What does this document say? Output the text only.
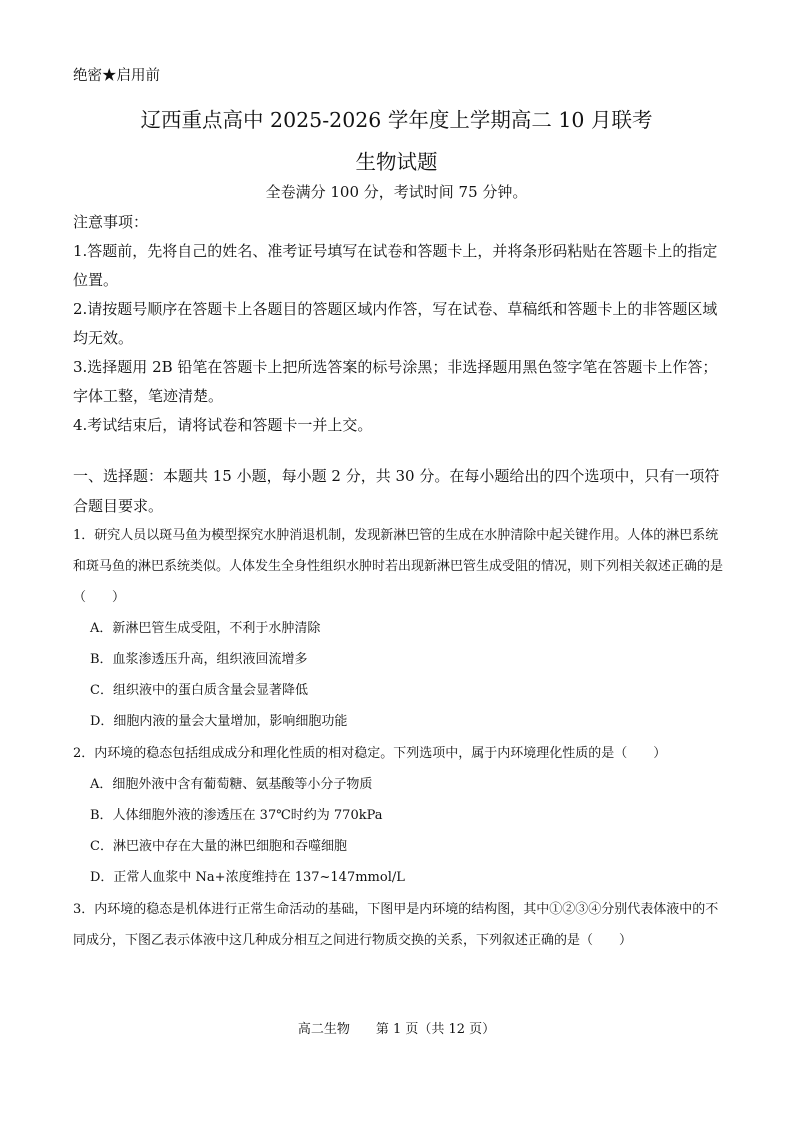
绝密★启用前
辽西重点高中 2025-2026 学年度上学期高二 10 月联考
生物试题
全卷满分 100 分，考试时间 75 分钟。

注意事项：

1.答题前，先将自己的姓名、准考证号填写在试卷和答题卡上，并将条形码粘贴在答题卡上的指定位置。

2.请按题号顺序在答题卡上各题目的答题区域内作答，写在试卷、草稿纸和答题卡上的非答题区域均无效。

3.选择题用 2B 铅笔在答题卡上把所选答案的标号涂黑；非选择题用黑色签字笔在答题卡上作答；字体工整，笔迹清楚。

4.考试结束后，请将试卷和答题卡一并上交。

一、选择题：本题共 15 小题，每小题 2 分，共 30 分。在每小题给出的四个选项中，只有一项符合题目要求。

1．研究人员以斑马鱼为模型探究水肿消退机制，发现新淋巴管的生成在水肿清除中起关键作用。人体的淋巴系统和斑马鱼的淋巴系统类似。人体发生全身性组织水肿时若出现新淋巴管生成受阻的情况，则下列相关叙述正确的是（　　）

A．新淋巴管生成受阻，不利于水肿清除

B．血浆渗透压升高，组织液回流增多

C．组织液中的蛋白质含量会显著降低

D．细胞内液的量会大量增加，影响细胞功能

2．内环境的稳态包括组成成分和理化性质的相对稳定。下列选项中，属于内环境理化性质的是（　　）

A．细胞外液中含有葡萄糖、氨基酸等小分子物质

B．人体细胞外液的渗透压在 37℃时约为 770kPa

C．淋巴液中存在大量的淋巴细胞和吞噬细胞

D．正常人血浆中 Na+浓度维持在 137~147mmol/L

3．内环境的稳态是机体进行正常生命活动的基础，下图甲是内环境的结构图，其中①②③④分别代表体液中的不同成分，下图乙表示体液中这几种成分相互之间进行物质交换的关系，下列叙述正确的是（　　）

高二生物　　第 1 页（共 12 页）
